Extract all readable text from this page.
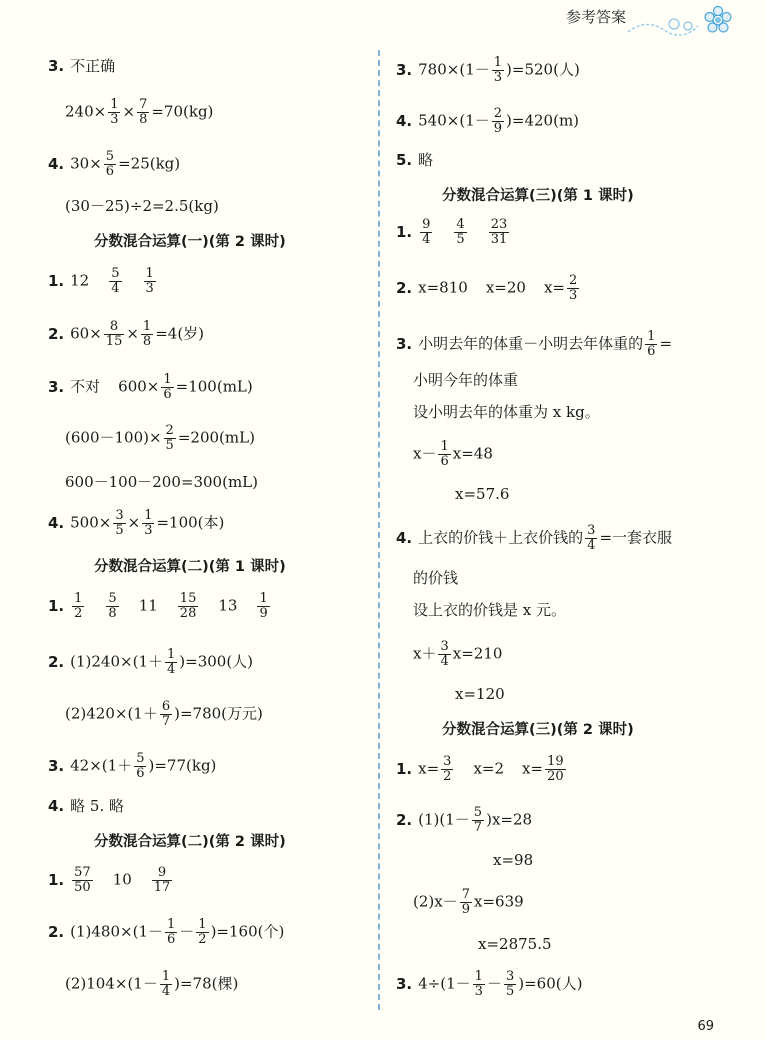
参考答案
3. 不正确
$240\times \frac{1}{3} \times \frac{7}{8} =70(kg)$
4. $30\times \frac{5}{6} =25(kg)$
(30－25)÷2=2.5(kg)
分数混合运算(一)(第 2 课时)
1. $12 \frac{5}{4} \frac{1}{3}$
2. $60\times \frac{8}{15} \times \frac{1}{8} =4$(岁)
3. 不对 $600\times \frac{1}{6} =100(mL)$
$(600-100)\times \frac{2}{5} =200(mL)$
600－100－200=300(mL)
4. $500\times \frac{3}{5} \times \frac{1}{3} =100$(本)
分数混合运算(二)(第 1 课时)
1. $\frac{1}{2} \frac{5}{8} 11 \frac{15}{28} 13 \frac{1}{9}$
2. $(1)240\times(1+ \frac{1}{4} )=300$(人)
$(2)420\times(1+ \frac{6}{7} )=780$(万元)
3. $42\times(1+ \frac{5}{6} )=77(kg)$
4. 略 5. 略
分数混合运算(二)(第 2 课时)
1. $\frac{57}{50} 10 \frac{9}{17}$
2. $(1)480\times(1- \frac{1}{6} - \frac{1}{2} )=160$(个)
$(2)104\times(1- \frac{1}{4} )=78$(棵)
3. $780\times(1- \frac{1}{3} )=520$(人)
4. $540\times(1- \frac{2}{9} )=420(m)$
5. 略
分数混合运算(三)(第 1 课时)
1. $\frac{9}{4} \frac{4}{5} \frac{23}{31}$
2. x=810 x=20 $x= \frac{2}{3}$
3. 小明去年的体重－小明去年体重的 $\frac{1}{6}$ =
小明今年的体重
设小明去年的体重为 x kg。
$x- \frac{1}{6} x=48$
x=57.6
4. 上衣的价钱＋上衣价钱的 $\frac{3}{4}$ =一套衣服
的价钱
设上衣的价钱是 x 元。
$x+ \frac{3}{4} x=210$
x=120
分数混合运算(三)(第 2 课时)
1. $x= \frac{3}{2} x=2$ $x= \frac{19}{20}$
2. $(1)(1- \frac{5}{7} )x=28$
x=98
$(2)x- \frac{7}{9} x=639$
x=2875.5
3. $4\div(1- \frac{1}{3} - \frac{3}{5} )=60$(人)
69
